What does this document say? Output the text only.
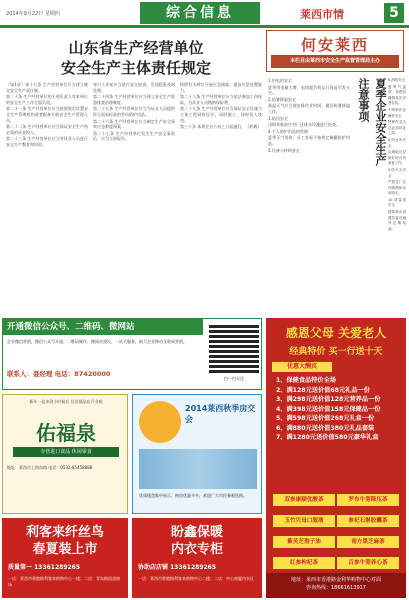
2014年9月22日 星期四	综合信息	莱西市情	5
山东省生产经营单位
安全生产主体责任规定

（第1章）第十九条 生产经营单位应当建立健全安全生产责任制。

第二十条 生产经营单位的主要负责人对本单位的安全生产工作全面负责。

第二十一条 生产经营单位应当按照规定设置安全生产管理机构或者配备专职安全生产管理人员。

第二十二条 生产经营单位应当保证安全生产所必需的资金投入。

第二十三条 生产经营单位应当对从业人员进行安全生产教育和培训。

每日工作前应当进行安全检查，发现隐患及时处理。

第二十四条 生产经营单位应当建立安全生产隐患排查治理制度。

第二十五条 生产经营单位应当为从业人员提供符合国家标准的劳动防护用品。

第二十六条 生产经营单位应当制定生产安全事故应急救援预案。

第二十七条 生产经营单位发生生产安全事故后，应当立即报告。

按照有关规定开展应急演练，提高应急处置能力。

第二十八条 生产经营单位应当依法参加工伤保险，为从业人员缴纳保险费。

第二十九条 生产经营单位应当保证安全设施与主体工程同时设计、同时施工、同时投入使用。

第三十条 本规定自公布之日起施行。（转载）

何安莱西
本栏目由莱西市安全生产监督管理局主办

1.用电的安全

夏季用电量大增，电线超负荷运行容易引发火灾。

2.防暑降温安全

高温天气应合理安排作业时间，做好防暑降温工作。

3.防汛安全

汛期来临前应对厂区排水设施进行检查。

4.个人防护用品的管理

夏季天气炎热，员工容易不按规定佩戴防护用品。

5.设备与材料安全

注意事项 夏季企业安全生产 6.消防安全

夏季气温高，易燃易爆物品应妥善存放。

7.特种作业操作安全

特种作业人员必须持证上岗。

8.防台风安全

沿海地区应做好防台风准备工作。

9.防火灾安全

严禁在厂区内吸烟和动用明火。

10.防雷电安全

建筑物应设置防雷设施并定期检测。

开通微信公众号、二维码、微网站
企业微信营销、微信公众号开通、二维码制作、微网站建设，一站式服务，助力企业移动互联网营销。
联系人：聂经理 电话：87420000
扫一扫关注
新年一起来到小时候店 佳佳福品店开业啦
佑福泉
专营进口食品 休闲零食
地址：莱西市上海东路 电话：0532-85458888
2014莱西秋季房交会
优质楼盘集中展示，购房优惠多多，欢迎广大市民参观选购。
利客来纤丝鸟
春夏装上市
质量第一 13361289265
一店：莱西市香港路利客来购物中心一楼；二店：青岛路国货商场
盼鑫保暖
内衣专柜
协助店店铺 13361289265
一店：莱西市香港路利客来购物中心二楼；二店：中心商厦内衣区
感恩父母 关爱老人
经典特价 买一行送十天
优惠大酬宾
1、保健食品特价全场
2、满128元送价值68元礼品一份
3、满298元送价值128元营养品一份
4、满398元送价值158元保健品一份
5、满598元送价值268元礼盒一份
6、满880元送价值380元礼品套装
7、满1280元送价值580元豪华礼盒
双参康颐优酸茶	罗布牛蒡降压茶 玉竹贝母口服液	参杞石斛胶囊茶 紫灵芝孢子油	南方黑芝麻茶 红参枸杞茶	百参牛蒡养心茶
地址：莱西市香港路金利华购物中心对面
咨询热线：18661613917
